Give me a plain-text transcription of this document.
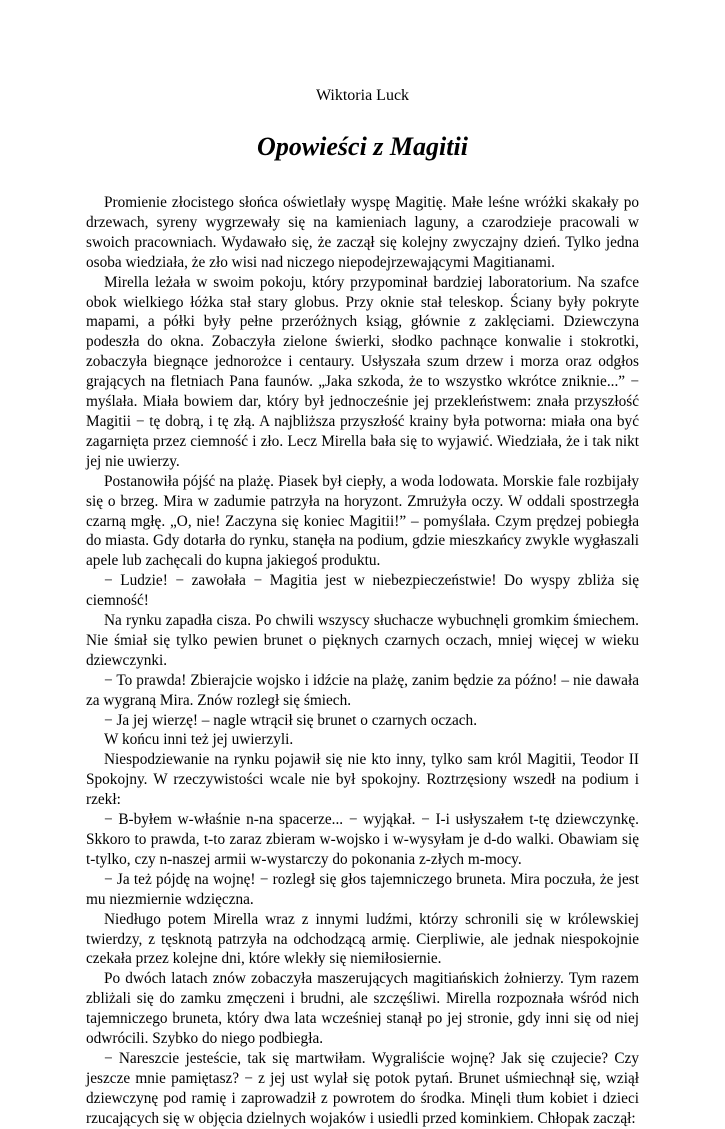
Wiktoria Luck
Opowieści z Magitii

Promienie złocistego słońca oświetlały wyspę Magitię. Małe leśne wróżki skakały po drzewach, syreny wygrzewały się na kamieniach laguny, a czarodzieje pracowali w swoich pracowniach. Wydawało się, że zaczął się kolejny zwyczajny dzień. Tylko jedna osoba wiedziała, że zło wisi nad niczego niepodejrzewającymi Magitianami.

Mirella leżała w swoim pokoju, który przypominał bardziej laboratorium. Na szafce obok wielkiego łóżka stał stary globus. Przy oknie stał teleskop. Ściany były pokryte mapami, a półki były pełne przeróżnych ksiąg, głównie z zaklęciami. Dziewczyna podeszła do okna. Zobaczyła zielone świerki, słodko pachnące konwalie i stokrotki, zobaczyła biegnące jednorożce i centaury. Usłyszała szum drzew i morza oraz odgłos grających na fletniach Pana faunów. „Jaka szkoda, że to wszystko wkrótce zniknie...” − myślała. Miała bowiem dar, który był jednocześnie jej przekleństwem: znała przyszłość Magitii − tę dobrą, i tę złą. A najbliższa przyszłość krainy była potworna: miała ona być zagarnięta przez ciemność i zło. Lecz Mirella bała się to wyjawić. Wiedziała, że i tak nikt jej nie uwierzy.

Postanowiła pójść na plażę. Piasek był ciepły, a woda lodowata. Morskie fale rozbijały się o brzeg. Mira w zadumie patrzyła na horyzont. Zmrużyła oczy. W oddali spostrzegła czarną mgłę. „O, nie! Zaczyna się koniec Magitii!” – pomyślała. Czym prędzej pobiegła do miasta. Gdy dotarła do rynku, stanęła na podium, gdzie mieszkańcy zwykle wygłaszali apele lub zachęcali do kupna jakiegoś produktu.

− Ludzie! − zawołała − Magitia jest w niebezpieczeństwie! Do wyspy zbliża się ciemność!

Na rynku zapadła cisza. Po chwili wszyscy słuchacze wybuchnęli gromkim śmiechem. Nie śmiał się tylko pewien brunet o pięknych czarnych oczach, mniej więcej w wieku dziewczynki.

− To prawda! Zbierajcie wojsko i idźcie na plażę, zanim będzie za późno! – nie dawała za wygraną Mira. Znów rozległ się śmiech.

− Ja jej wierzę! – nagle wtrącił się brunet o czarnych oczach.

W końcu inni też jej uwierzyli.

Niespodziewanie na rynku pojawił się nie kto inny, tylko sam król Magitii, Teodor II Spokojny. W rzeczywistości wcale nie był spokojny. Roztrzęsiony wszedł na podium i rzekł:

− B-byłem w-właśnie n-na spacerze... − wyjąkał. − I-i usłyszałem t-tę dziewczynkę. Skkoro to prawda, t-to zaraz zbieram w-wojsko i w-wysyłam je d-do walki. Obawiam się t-tylko, czy n-naszej armii w-wystarczy do pokonania z-złych m-mocy.

− Ja też pójdę na wojnę! − rozległ się głos tajemniczego bruneta. Mira poczuła, że jest mu niezmiernie wdzięczna.

Niedługo potem Mirella wraz z innymi ludźmi, którzy schronili się w królewskiej twierdzy, z tęsknotą patrzyła na odchodzącą armię. Cierpliwie, ale jednak niespokojnie czekała przez kolejne dni, które wlekły się niemiłosiernie.

Po dwóch latach znów zobaczyła maszerujących magitiańskich żołnierzy. Tym razem zbliżali się do zamku zmęczeni i brudni, ale szczęśliwi. Mirella rozpoznała wśród nich tajemniczego bruneta, który dwa lata wcześniej stanął po jej stronie, gdy inni się od niej odwrócili. Szybko do niego podbiegła.

− Nareszcie jesteście, tak się martwiłam. Wygraliście wojnę? Jak się czujecie? Czy jeszcze mnie pamiętasz? − z jej ust wylał się potok pytań. Brunet uśmiechnął się, wziął dziewczynę pod ramię i zaprowadził z powrotem do środka. Minęli tłum kobiet i dzieci rzucających się w objęcia dzielnych wojaków i usiedli przed kominkiem. Chłopak zaczął:
